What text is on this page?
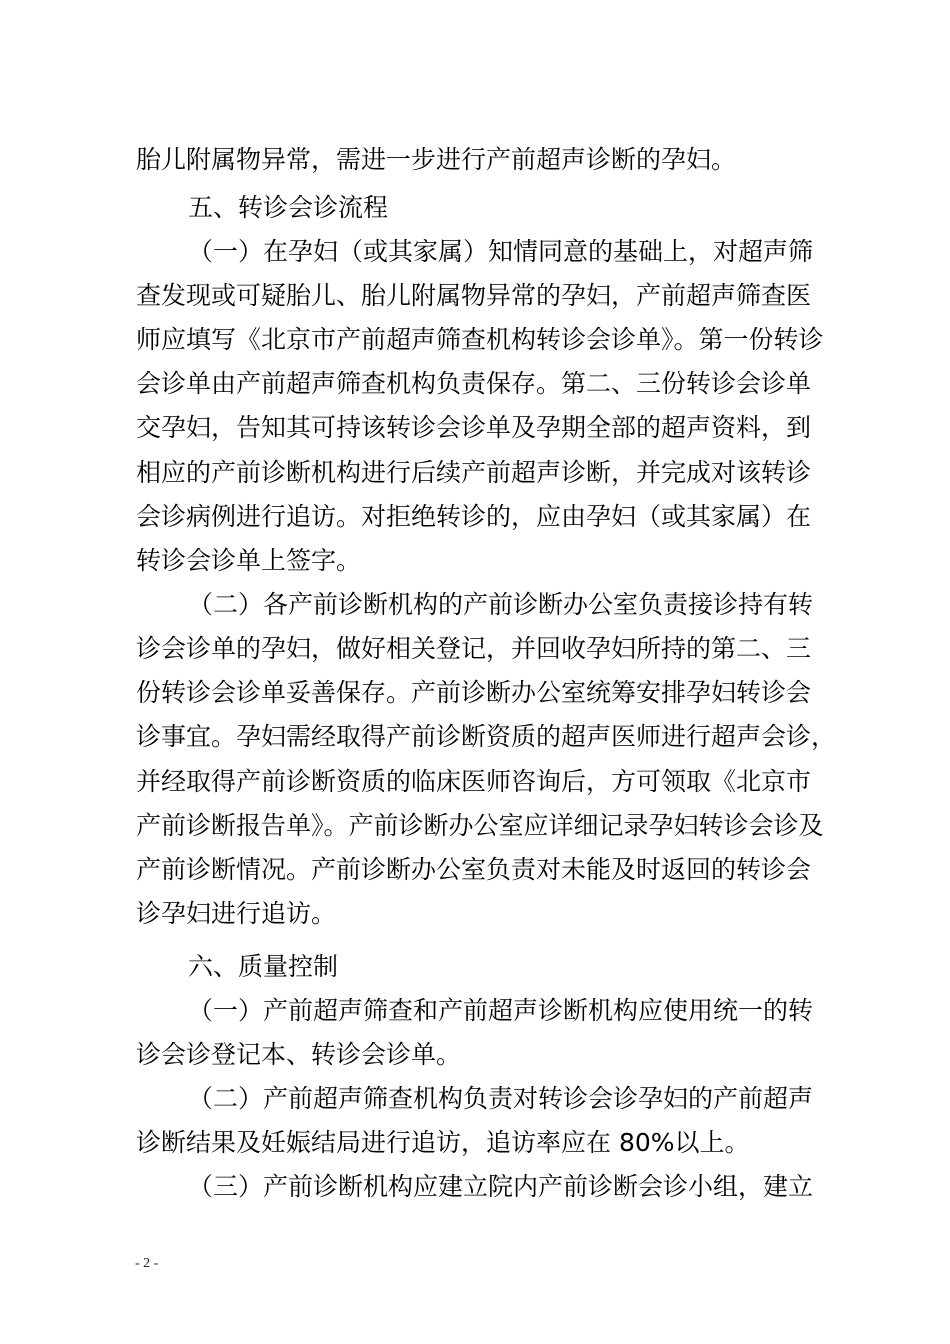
胎儿附属物异常，需进一步进行产前超声诊断的孕妇。
五、转诊会诊流程
（一）在孕妇（或其家属）知情同意的基础上，对超声筛
查发现或可疑胎儿、胎儿附属物异常的孕妇，产前超声筛查医
师应填写《北京市产前超声筛查机构转诊会诊单》。第一份转诊
会诊单由产前超声筛查机构负责保存。第二、三份转诊会诊单
交孕妇，告知其可持该转诊会诊单及孕期全部的超声资料，到
相应的产前诊断机构进行后续产前超声诊断，并完成对该转诊
会诊病例进行追访。对拒绝转诊的，应由孕妇（或其家属）在
转诊会诊单上签字。
（二）各产前诊断机构的产前诊断办公室负责接诊持有转
诊会诊单的孕妇，做好相关登记，并回收孕妇所持的第二、三
份转诊会诊单妥善保存。产前诊断办公室统筹安排孕妇转诊会
诊事宜。孕妇需经取得产前诊断资质的超声医师进行超声会诊，
并经取得产前诊断资质的临床医师咨询后，方可领取《北京市
产前诊断报告单》。产前诊断办公室应详细记录孕妇转诊会诊及
产前诊断情况。产前诊断办公室负责对未能及时返回的转诊会
诊孕妇进行追访。
六、质量控制
（一）产前超声筛查和产前超声诊断机构应使用统一的转
诊会诊登记本、转诊会诊单。
（二）产前超声筛查机构负责对转诊会诊孕妇的产前超声
诊断结果及妊娠结局进行追访，追访率应在 80%以上。
（三）产前诊断机构应建立院内产前诊断会诊小组，建立
- 2 -
